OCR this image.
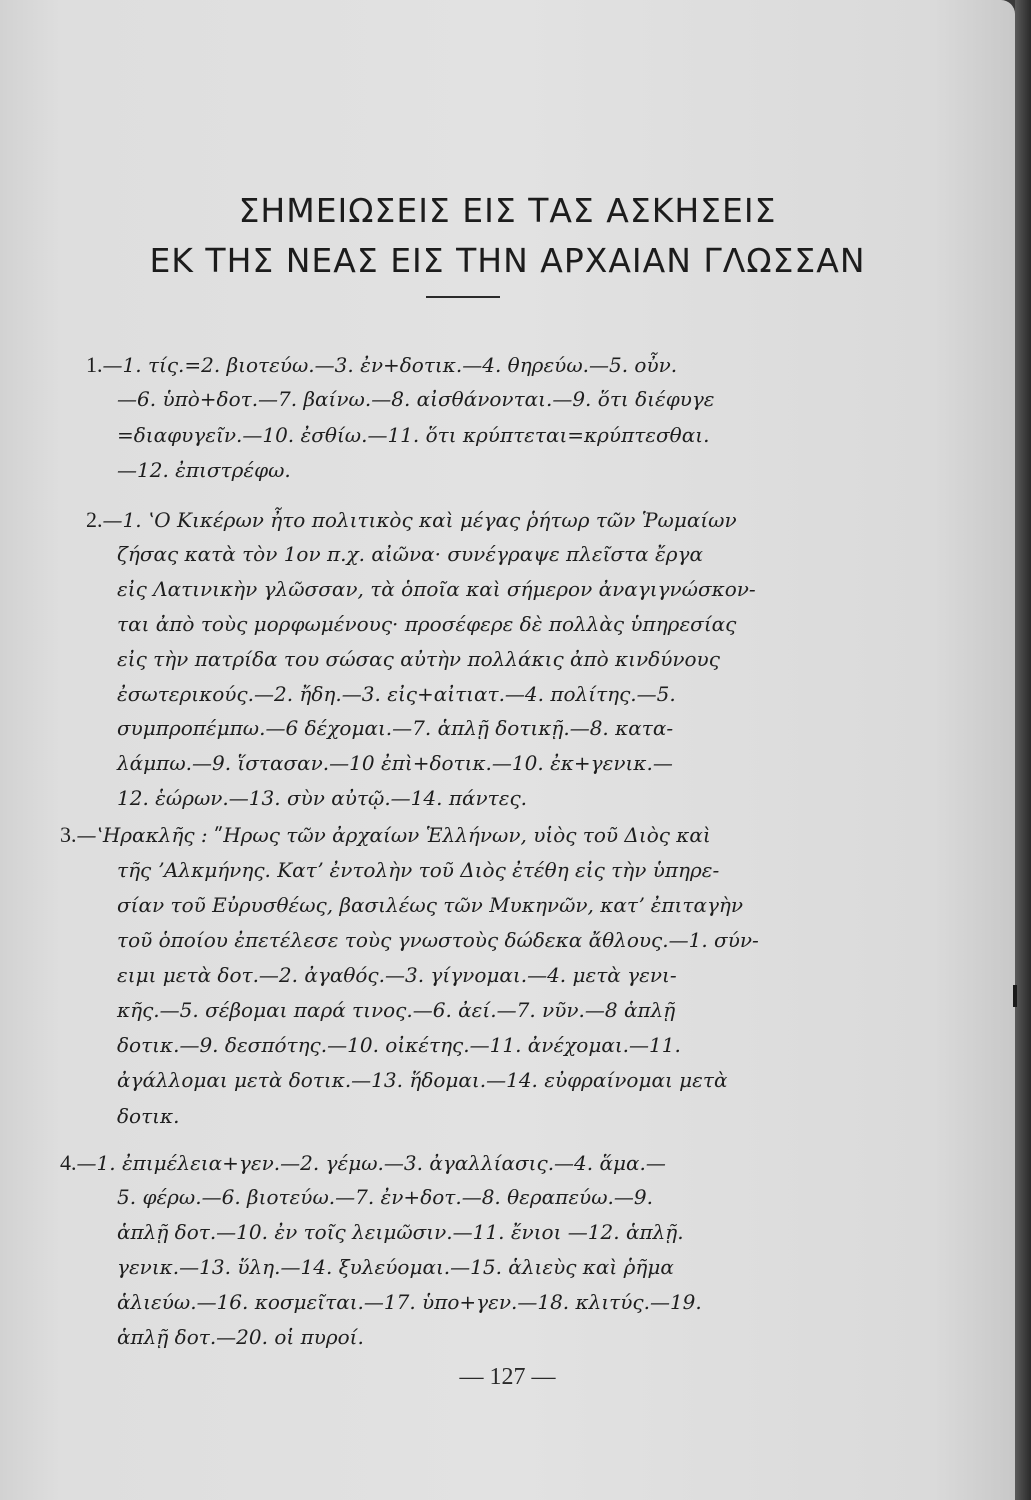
ΣΗΜΕΙΩΣΕΙΣ ΕΙΣ ΤΑΣ ΑΣΚΗΣΕΙΣ
ΕΚ ΤΗΣ ΝΕΑΣ ΕΙΣ ΤΗΝ ΑΡΧΑΙΑΝ ΓΛΩΣΣΑΝ
1.—1. τίς.=2. βιοτεύω.—3. ἐν+δοτικ.—4. θηρεύω.—5. οὖν.
—6. ὑπὸ+δοτ.—7. βαίνω.—8. αἰσθάνονται.—9. ὅτι διέφυγε
=διαφυγεῖν.—10. ἐσθίω.—11. ὅτι κρύπτεται=κρύπτεσθαι.
—12. ἐπιστρέφω.
2.—1. ʽΟ Κικέρων ἦτο πολιτικὸς καὶ μέγας ῥήτωρ τῶν Ῥωμαίων
ζήσας κατὰ τὸν 1ον π.χ. αἰῶνα· συνέγραψε πλεῖστα ἔργα
εἰς Λατινικὴν γλῶσσαν, τὰ ὁποῖα καὶ σήμερον ἀναγιγνώσκον-
ται ἀπὸ τοὺς μορφωμένους· προσέφερε δὲ πολλὰς ὑπηρεσίας
εἰς τὴν πατρίδα του σώσας αὐτὴν πολλάκις ἀπὸ κινδύνους
ἐσωτερικούς.—2. ἤδη.—3. εἰς+αἰτιατ.—4. πολίτης.—5.
συμπροπέμπω.—6 δέχομαι.—7. ἁπλῇ δοτικῇ.—8. κατα-
λάμπω.—9. ἵστασαν.—10 ἐπὶ+δοτικ.—10. ἐκ+γενικ.—
12. ἑώρων.—13. σὺν αὐτῷ.—14. πάντες.
3.—ʽΗρακλῆς : ʺΗρως τῶν ἀρχαίων Ἑλλήνων, υἱὸς τοῦ Διὸς καὶ
τῆς ʼΑλκμήνης. Κατʼ ἐντολὴν τοῦ Διὸς ἐτέθη εἰς τὴν ὑπηρε-
σίαν τοῦ Εὐρυσθέως, βασιλέως τῶν Μυκηνῶν, κατʼ ἐπιταγὴν
τοῦ ὁποίου ἐπετέλεσε τοὺς γνωστοὺς δώδεκα ἄθλους.—1. σύν-
ειμι μετὰ δοτ.—2. ἀγαθός.—3. γίγνομαι.—4. μετὰ γενι-
κῆς.—5. σέβομαι παρά τινος.—6. ἀεί.—7. νῦν.—8 ἁπλῇ
δοτικ.—9. δεσπότης.—10. οἰκέτης.—11. ἀνέχομαι.—11.
ἀγάλλομαι μετὰ δοτικ.—13. ἥδομαι.—14. εὐφραίνομαι μετὰ
δοτικ.
4.—1. ἐπιμέλεια+γεν.—2. γέμω.—3. ἀγαλλίασις.—4. ἅμα.—
5. φέρω.—6. βιοτεύω.—7. ἐν+δοτ.—8. θεραπεύω.—9.
ἁπλῇ δοτ.—10. ἐν τοῖς λειμῶσιν.—11. ἔνιοι —12. ἁπλῇ.
γενικ.—13. ὕλη.—14. ξυλεύομαι.—15. ἁλιεὺς καὶ ῥῆμα
ἁλιεύω.—16. κοσμεῖται.—17. ὑπο+γεν.—18. κλιτύς.—19.
ἁπλῇ δοτ.—20. οἱ πυροί.
— 127 —
